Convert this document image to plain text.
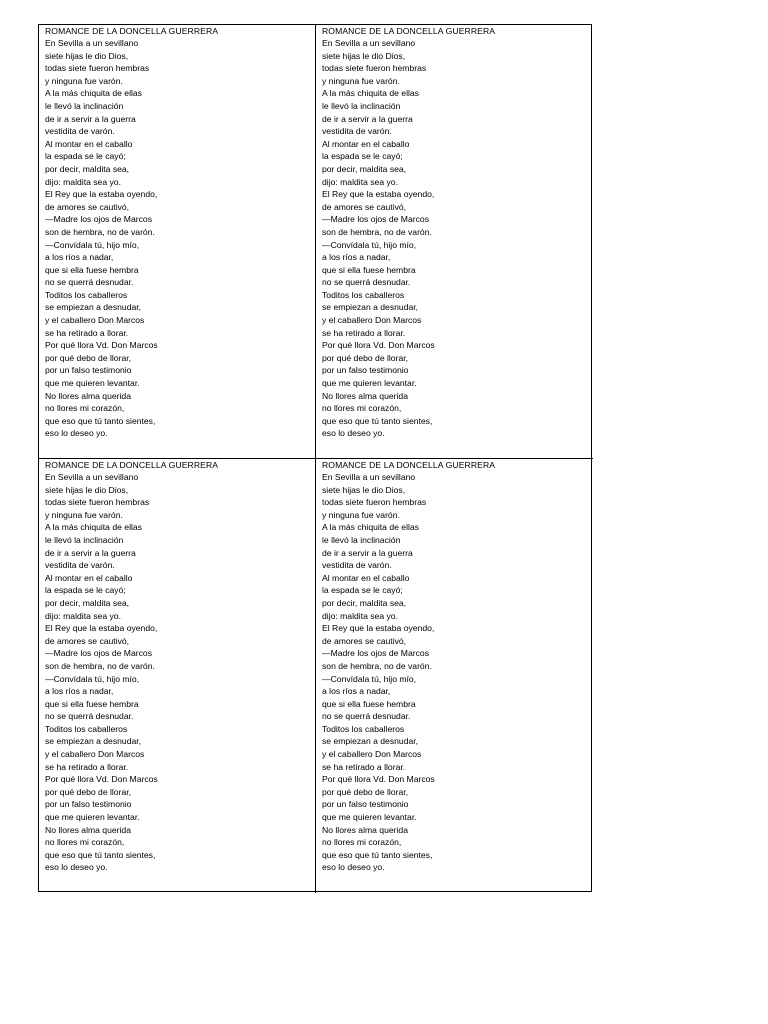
ROMANCE DE LA DONCELLA GUERRERA

En Sevilla a un sevillano
siete hijas le dio Dios,
todas siete fueron hembras
y ninguna fue varón.
A la más chiquita de ellas
le llevó la inclinación
de ir a servir a la guerra
vestidita de varón.
Al montar en el caballo
la espada se le cayó;
por decir, maldita sea,
dijo: maldita sea yo.
El Rey que la estaba oyendo,
de amores se cautivó,
—Madre los ojos de Marcos
son de hembra, no de varón.
—Convídala tú, hijo mío,
a los ríos a nadar,
que si ella fuese hembra
no se querrá desnudar.
Toditos los caballeros
se empiezan a desnudar,
y el caballero Don Marcos
se ha retirado a llorar.
Por qué llora Vd. Don Marcos
por qué debo de llorar,
por un falso testimonio
que me quieren levantar.
No llores alma querida
no llores mi corazón,
que eso que tú tanto sientes,
eso lo deseo yo.

ROMANCE DE LA DONCELLA GUERRERA

En Sevilla a un sevillano
siete hijas le dio Dios,
todas siete fueron hembras
y ninguna fue varón.
A la más chiquita de ellas
le llevó la inclinación
de ir a servir a la guerra
vestidita de varón.
Al montar en el caballo
la espada se le cayó;
por decir, maldita sea,
dijo: maldita sea yo.
El Rey que la estaba oyendo,
de amores se cautivó,
—Madre los ojos de Marcos
son de hembra, no de varón.
—Convídala tú, hijo mío,
a los ríos a nadar,
que si ella fuese hembra
no se querrá desnudar.
Toditos los caballeros
se empiezan a desnudar,
y el caballero Don Marcos
se ha retirado a llorar.
Por qué llora Vd. Don Marcos
por qué debo de llorar,
por un falso testimonio
que me quieren levantar.
No llores alma querida
no llores mi corazón,
que eso que tú tanto sientes,
eso lo deseo yo.

ROMANCE DE LA DONCELLA GUERRERA

En Sevilla a un sevillano
siete hijas le dio Dios,
todas siete fueron hembras
y ninguna fue varón.
A la más chiquita de ellas
le llevó la inclinación
de ir a servir a la guerra
vestidita de varón.
Al montar en el caballo
la espada se le cayó;
por decir, maldita sea,
dijo: maldita sea yo.
El Rey que la estaba oyendo,
de amores se cautivó,
—Madre los ojos de Marcos
son de hembra, no de varón.
—Convídala tú, hijo mío,
a los ríos a nadar,
que si ella fuese hembra
no se querrá desnudar.
Toditos los caballeros
se empiezan a desnudar,
y el caballero Don Marcos
se ha retirado a llorar.
Por qué llora Vd. Don Marcos
por qué debo de llorar,
por un falso testimonio
que me quieren levantar.
No llores alma querida
no llores mi corazón,
que eso que tú tanto sientes,
eso lo deseo yo.

ROMANCE DE LA DONCELLA GUERRERA

En Sevilla a un sevillano
siete hijas le dio Dios,
todas siete fueron hembras
y ninguna fue varón.
A la más chiquita de ellas
le llevó la inclinación
de ir a servir a la guerra
vestidita de varón.
Al montar en el caballo
la espada se le cayó;
por decir, maldita sea,
dijo: maldita sea yo.
El Rey que la estaba oyendo,
de amores se cautivó,
—Madre los ojos de Marcos
son de hembra, no de varón.
—Convídala tú, hijo mío,
a los ríos a nadar,
que si ella fuese hembra
no se querrá desnudar.
Toditos los caballeros
se empiezan a desnudar,
y el caballero Don Marcos
se ha retirado a llorar.
Por qué llora Vd. Don Marcos
por qué debo de llorar,
por un falso testimonio
que me quieren levantar.
No llores alma querida
no llores mi corazón,
que eso que tú tanto sientes,
eso lo deseo yo.
